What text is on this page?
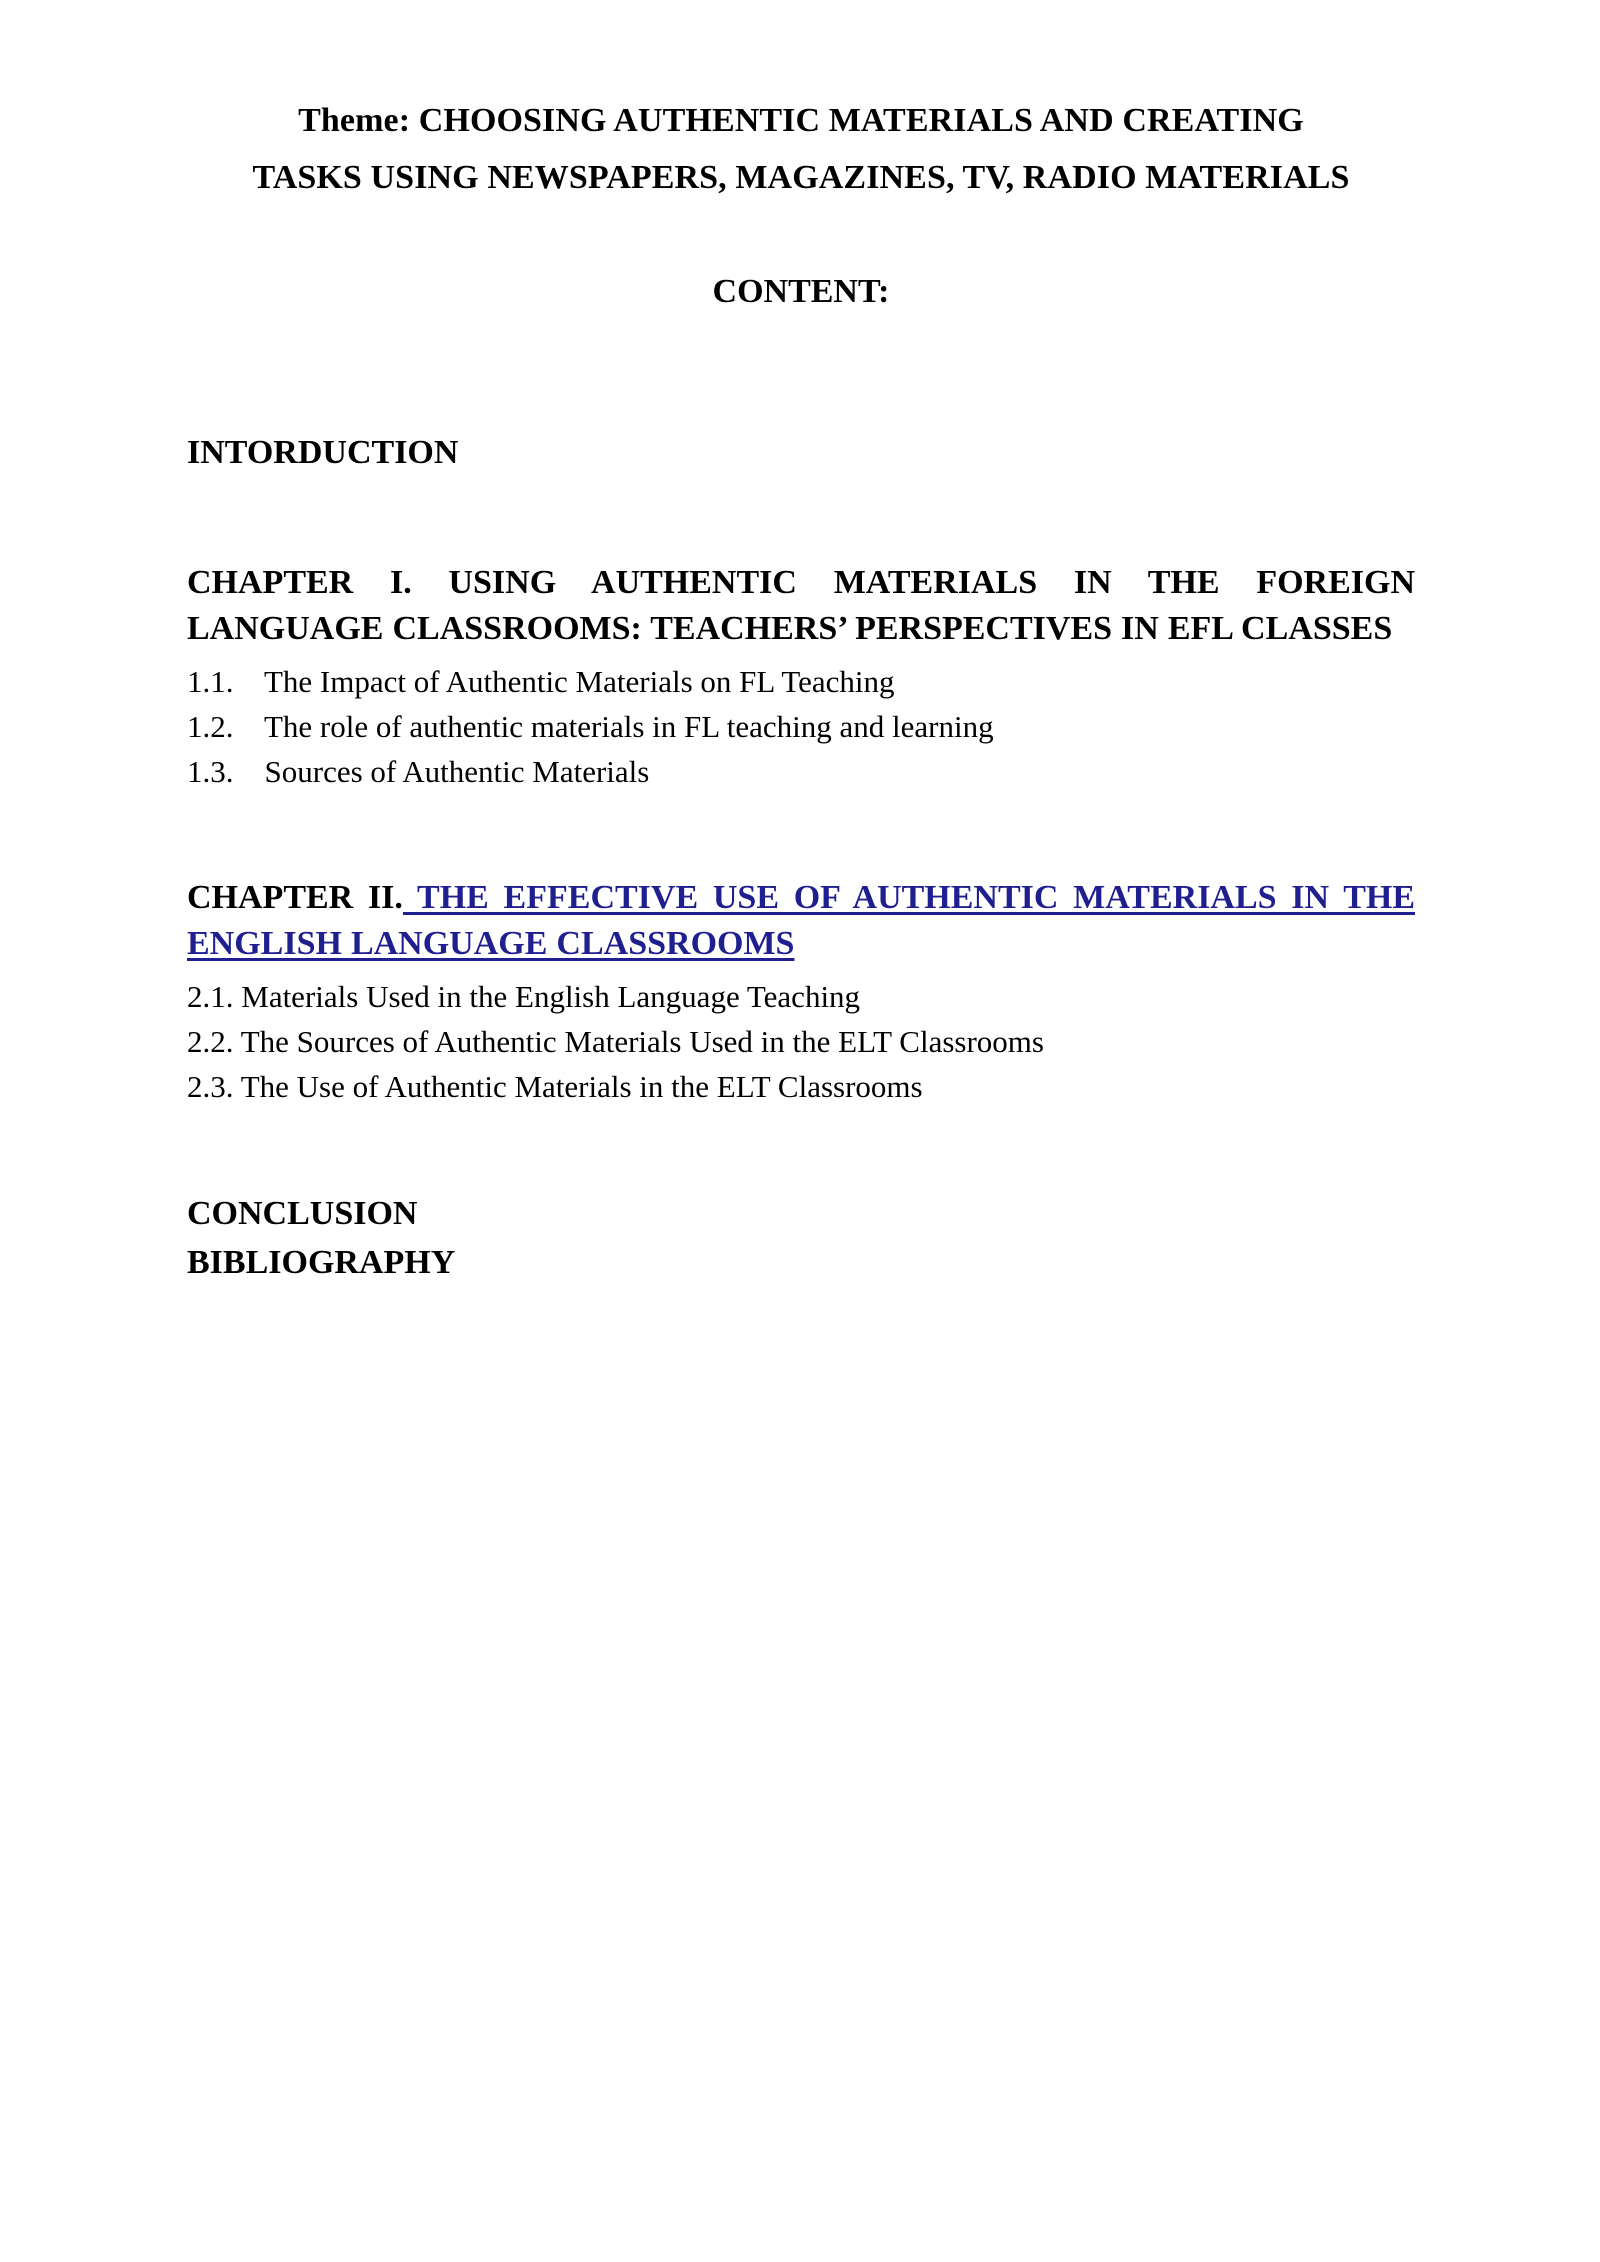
Theme: CHOOSING AUTHENTIC MATERIALS AND CREATING
TASKS USING NEWSPAPERS, MAGAZINES, TV, RADIO MATERIALS
CONTENT:
INTORDUCTION
CHAPTER I. USING AUTHENTIC MATERIALS IN THE FOREIGN LANGUAGE CLASSROOMS: TEACHERS’ PERSPECTIVES IN EFL CLASSES
1.1.    The Impact of Authentic Materials on FL Teaching
1.2.    The role of authentic materials in FL teaching and learning
1.3.    Sources of Authentic Materials
CHAPTER II. THE EFFECTIVE USE OF AUTHENTIC MATERIALS IN THE ENGLISH LANGUAGE CLASSROOMS
2.1. Materials Used in the English Language Teaching
2.2. The Sources of Authentic Materials Used in the ELT Classrooms
2.3. The Use of Authentic Materials in the ELT Classrooms
CONCLUSION
BIBLIOGRAPHY
